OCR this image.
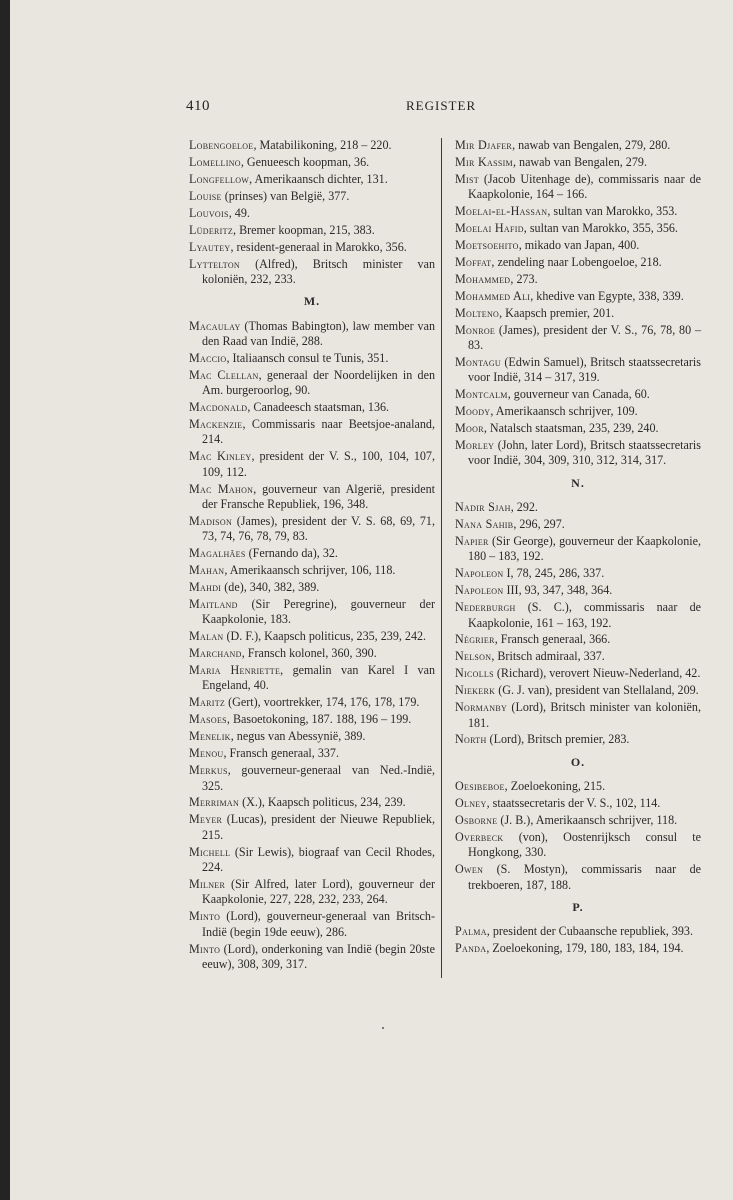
410	REGISTER
Lobengoeloe, Matabilikoning, 218 – 220.
Lomellino, Genueesch koopman, 36.
Longfellow, Amerikaansch dichter, 131.
Louise (prinses) van België, 377.
Louvois, 49.
Lüderitz, Bremer koopman, 215, 383.
Lyautey, resident-generaal in Marokko, 356.
Lyttelton (Alfred), Britsch minister van koloniën, 232, 233.
M.
Macaulay (Thomas Babington), law member van den Raad van Indië, 288.
Maccio, Italiaansch consul te Tunis, 351.
Mac Clellan, generaal der Noordelijken in den Am. burgeroorlog, 90.
Macdonald, Canadeesch staatsman, 136.
Mackenzie, Commissaris naar Beetsjoe-analand, 214.
Mac Kinley, president der V. S., 100, 104, 107, 109, 112.
Mac Mahon, gouverneur van Algerië, president der Fransche Republiek, 196, 348.
Madison (James), president der V. S. 68, 69, 71, 73, 74, 76, 78, 79, 83.
Magalhães (Fernando da), 32.
Mahan, Amerikaansch schrijver, 106, 118.
Mahdi (de), 340, 382, 389.
Maitland (Sir Peregrine), gouverneur der Kaapkolonie, 183.
Malan (D. F.), Kaapsch politicus, 235, 239, 242.
Marchand, Fransch kolonel, 360, 390.
Maria Henriette, gemalin van Karel I van Engeland, 40.
Maritz (Gert), voortrekker, 174, 176, 178, 179.
Masoes, Basoetokoning, 187. 188, 196 – 199.
Menelik, negus van Abessynië, 389.
Menou, Fransch generaal, 337.
Merkus, gouverneur-generaal van Ned.-Indië, 325.
Merriman (X.), Kaapsch politicus, 234, 239.
Meyer (Lucas), president der Nieuwe Republiek, 215.
Michell (Sir Lewis), biograaf van Cecil Rhodes, 224.
Milner (Sir Alfred, later Lord), gouverneur der Kaapkolonie, 227, 228, 232, 233, 264.
Minto (Lord), gouverneur-generaal van Britsch-Indië (begin 19de eeuw), 286.
Minto (Lord), onderkoning van Indië (begin 20ste eeuw), 308, 309, 317.
Mir Djafer, nawab van Bengalen, 279, 280.
Mir Kassim, nawab van Bengalen, 279.
Mist (Jacob Uitenhage de), commissaris naar de Kaapkolonie, 164 – 166.
Moelai-el-Hassan, sultan van Marokko, 353.
Moelai Hafid, sultan van Marokko, 355, 356.
Moetsoehito, mikado van Japan, 400.
Moffat, zendeling naar Lobengoeloe, 218.
Mohammed, 273.
Mohammed Ali, khedive van Egypte, 338, 339.
Molteno, Kaapsch premier, 201.
Monroe (James), president der V. S., 76, 78, 80 – 83.
Montagu (Edwin Samuel), Britsch staatssecretaris voor Indië, 314 – 317, 319.
Montcalm, gouverneur van Canada, 60.
Moody, Amerikaansch schrijver, 109.
Moor, Natalsch staatsman, 235, 239, 240.
Morley (John, later Lord), Britsch staatssecretaris voor Indië, 304, 309, 310, 312, 314, 317.
N.
Nadir Sjah, 292.
Nana Sahib, 296, 297.
Napier (Sir George), gouverneur der Kaapkolonie, 180 – 183, 192.
Napoleon I, 78, 245, 286, 337.
Napoleon III, 93, 347, 348, 364.
Nederburgh (S. C.), commissaris naar de Kaapkolonie, 161 – 163, 192.
Négrier, Fransch generaal, 366.
Nelson, Britsch admiraal, 337.
Nicolls (Richard), verovert Nieuw-Nederland, 42.
Niekerk (G. J. van), president van Stellaland, 209.
Normanby (Lord), Britsch minister van koloniën, 181.
North (Lord), Britsch premier, 283.
O.
Oesibeboe, Zoeloekoning, 215.
Olney, staatssecretaris der V. S., 102, 114.
Osborne (J. B.), Amerikaansch schrijver, 118.
Overbeck (von), Oostenrijksch consul te Hongkong, 330.
Owen (S. Mostyn), commissaris naar de trekboeren, 187, 188.
P.
Palma, president der Cubaansche republiek, 393.
Panda, Zoeloekoning, 179, 180, 183, 184, 194.
